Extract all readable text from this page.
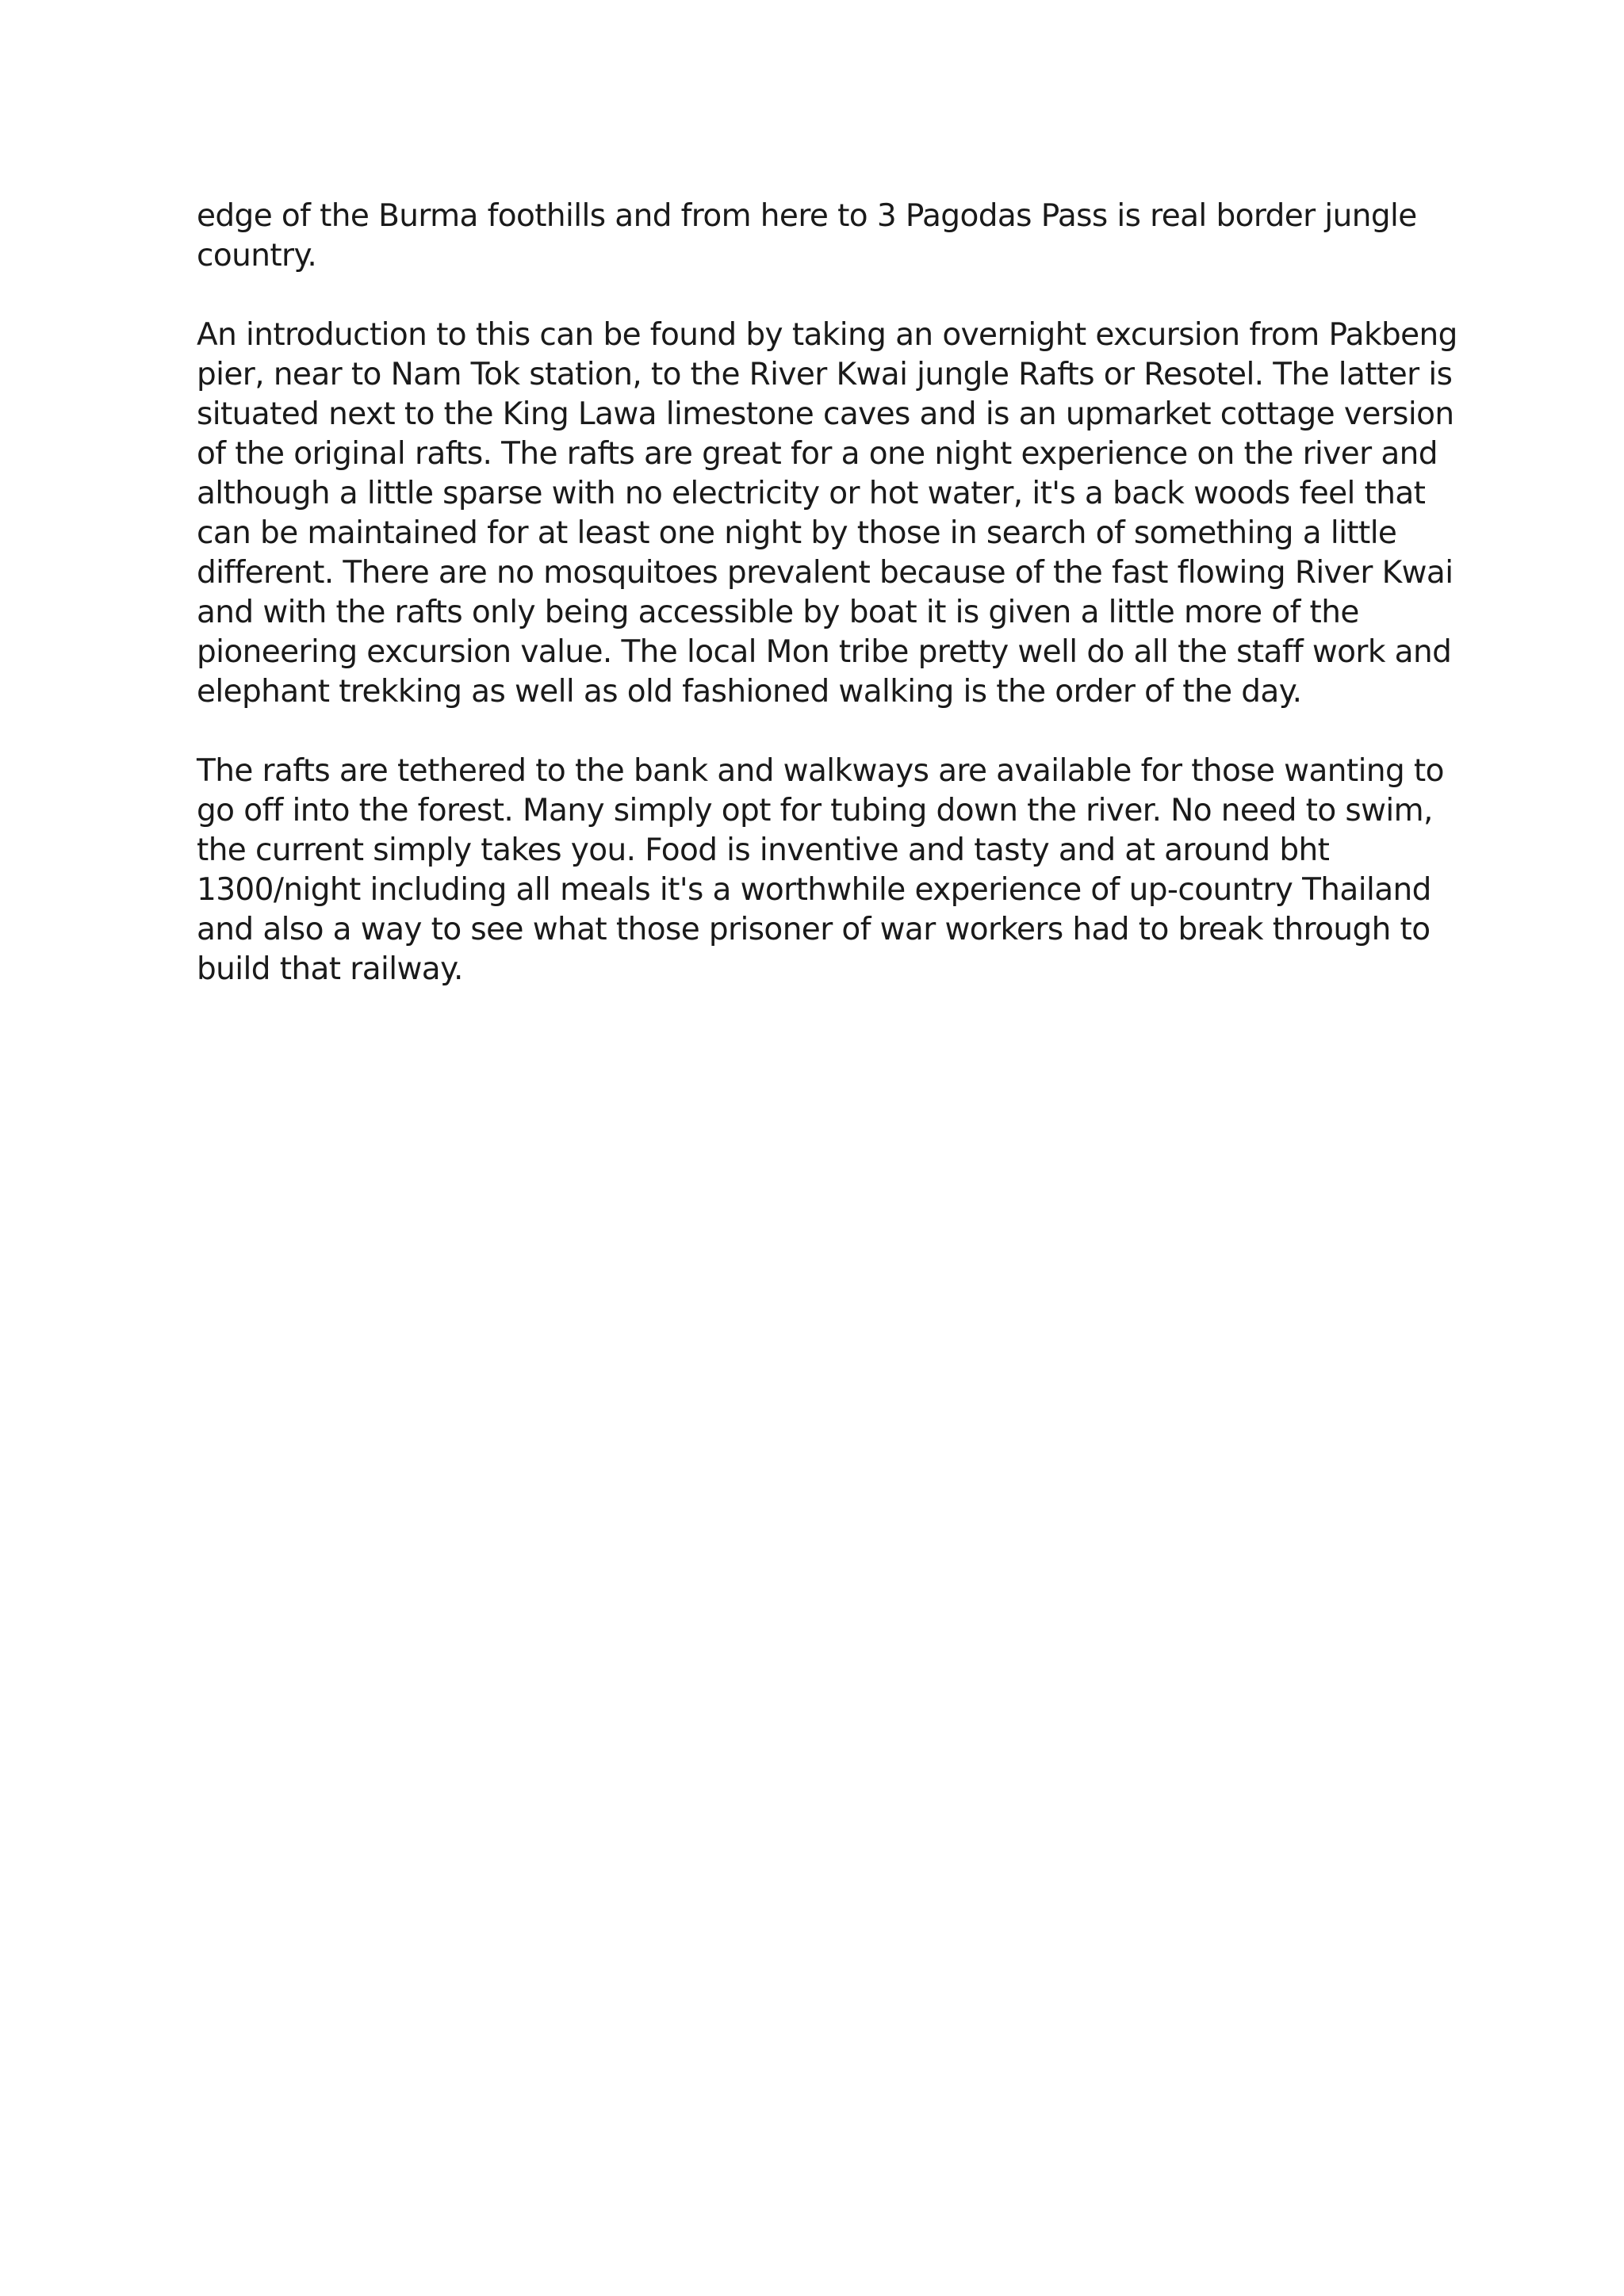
edge of the Burma foothills and from here to 3 Pagodas Pass is real border jungle
country.

An introduction to this can be found by taking an overnight excursion from Pakbeng
pier, near to Nam Tok station, to the River Kwai jungle Rafts or Resotel. The latter is
situated next to the King Lawa limestone caves and is an upmarket cottage version
of the original rafts. The rafts are great for a one night experience on the river and
although a little sparse with no electricity or hot water, it's a back woods feel that
can be maintained for at least one night by those in search of something a little
different. There are no mosquitoes prevalent because of the fast flowing River Kwai
and with the rafts only being accessible by boat it is given a little more of the
pioneering excursion value. The local Mon tribe pretty well do all the staff work and
elephant trekking as well as old fashioned walking is the order of the day.

The rafts are tethered to the bank and walkways are available for those wanting to
go off into the forest. Many simply opt for tubing down the river. No need to swim,
the current simply takes you. Food is inventive and tasty and at around bht
1300/night including all meals it's a worthwhile experience of up-country Thailand
and also a way to see what those prisoner of war workers had to break through to
build that railway.
